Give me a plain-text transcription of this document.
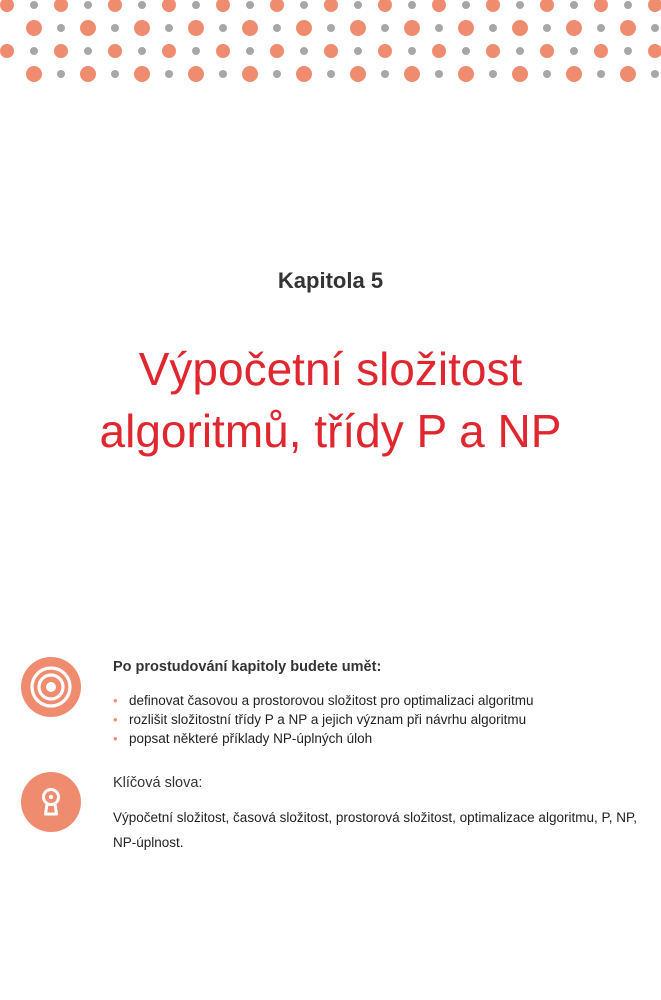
Kapitola 5
Výpočetní složitost
algoritmů, třídy P a NP
Po prostudování kapitoly budete umět:
• definovat časovou a prostorovou složitost pro optimalizaci algoritmu
• rozlišit složitostní třídy P a NP a jejich význam při návrhu algoritmu
• popsat některé příklady NP-úplných úloh
Klíčová slova:
Výpočetní složitost, časová složitost, prostorová složitost, optimalizace algoritmu, P, NP, NP-úplnost.
